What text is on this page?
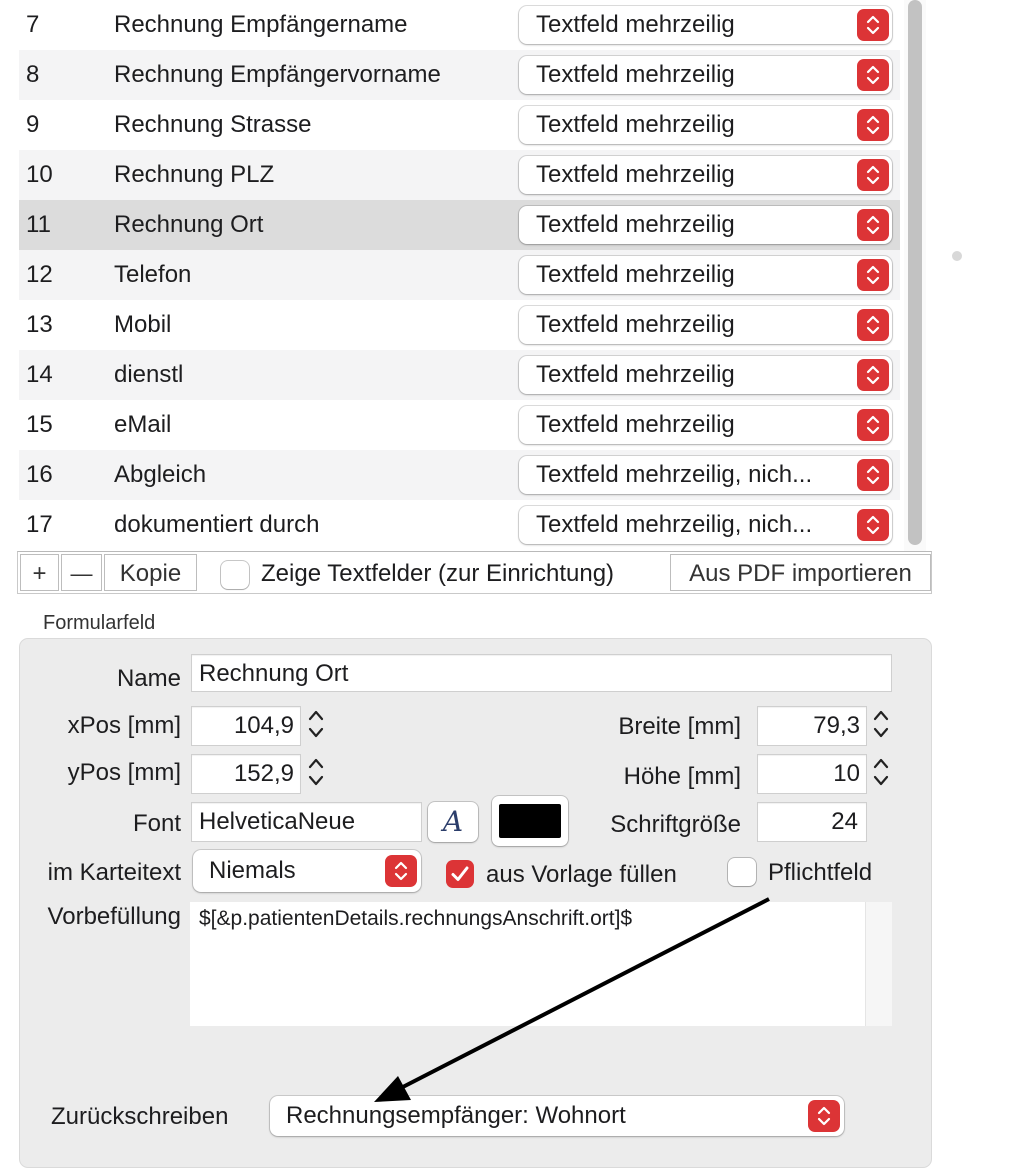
7	Rechnung Empfängername	Textfeld mehrzeilig
8	Rechnung Empfängervorname	Textfeld mehrzeilig
9	Rechnung Strasse	Textfeld mehrzeilig
10	Rechnung PLZ	Textfeld mehrzeilig
11	Rechnung Ort	Textfeld mehrzeilig
12	Telefon	Textfeld mehrzeilig
13	Mobil	Textfeld mehrzeilig
14	dienstl	Textfeld mehrzeilig
15	eMail	Textfeld mehrzeilig
16	Abgleich	Textfeld mehrzeilig, nich...
17	dokumentiert durch	Textfeld mehrzeilig, nich...
+	—	Kopie	Zeige Textfelder (zur Einrichtung)	Aus PDF importieren
Formularfeld
Name Rechnung Ort
xPos [mm]	104,9	Breite [mm]	79,3
yPos [mm]	152,9	Höhe [mm]	10
Font HelveticaNeue	A	Schriftgröße	24
im Karteitext Niemals	aus Vorlage füllen	Pflichtfeld
Vorbefüllung $[&p.patientenDetails.rechnungsAnschrift.ort]$
Zurückschreiben Rechnungsempfänger: Wohnort
